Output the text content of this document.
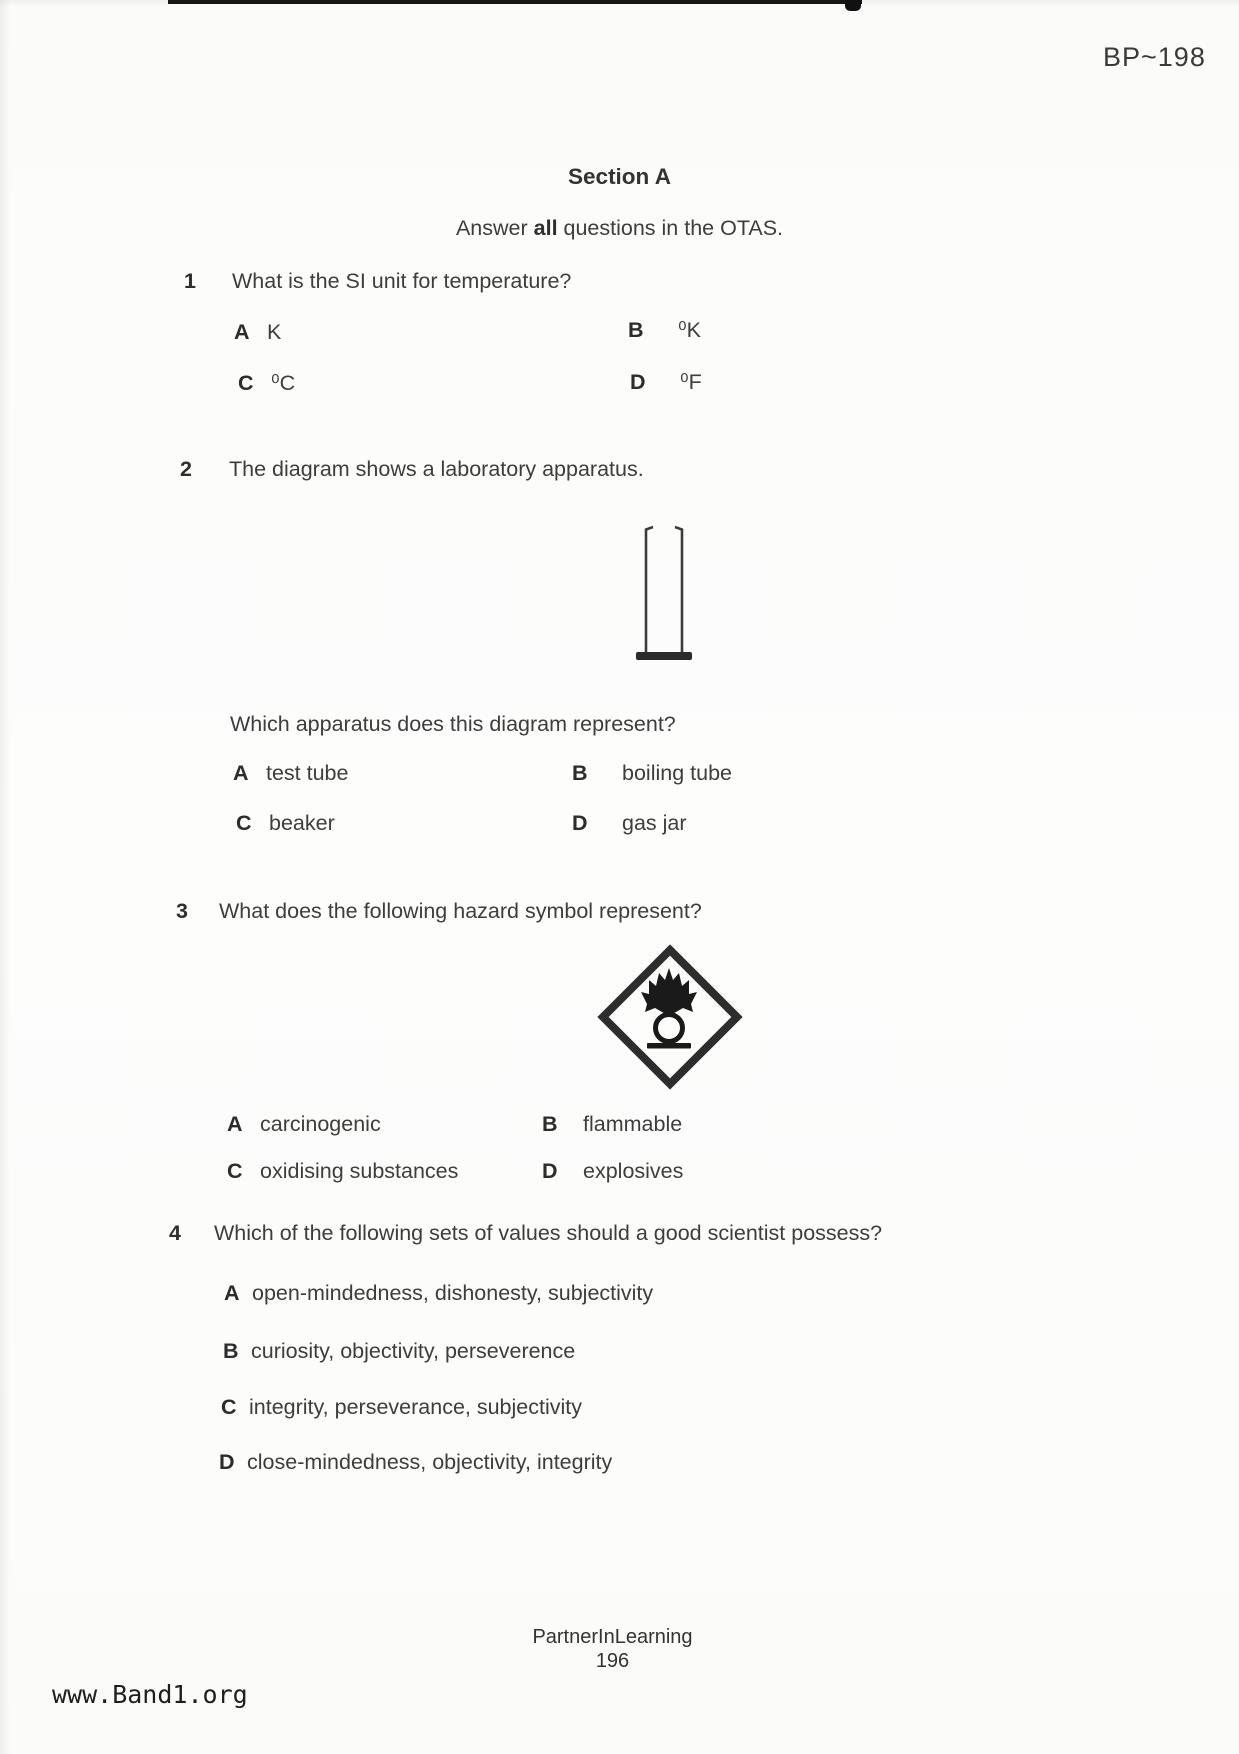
BP~198
Section A
Answer all questions in the OTAS.
1 What is the SI unit for temperature?
A K	B ⁰K
C ⁰C	D ⁰F
2 The diagram shows a laboratory apparatus.
Which apparatus does this diagram represent?
A test tube	B boiling tube
C beaker	D gas jar
3 What does the following hazard symbol represent?
A carcinogenic	B flammable
C oxidising substances	D explosives
4 Which of the following sets of values should a good scientist possess?
A open-mindedness, dishonesty, subjectivity
B curiosity, objectivity, perseverence
C integrity, perseverance, subjectivity
D close-mindedness, objectivity, integrity
PartnerInLearning
196
www.Band1.org
